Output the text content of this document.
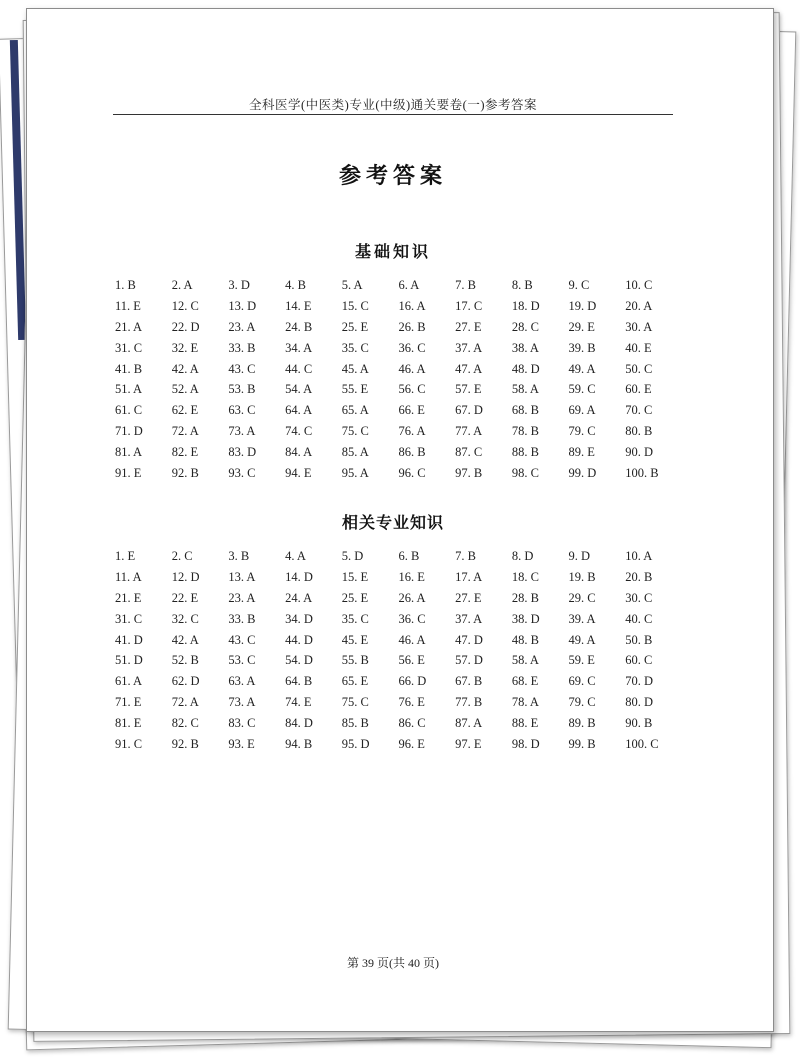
全科医学(中医类)专业(中级)通关要卷(一)参考答案
参考答案
基础知识
1. B	2. A	3. D	4. B	5. A	6. A	7. B	8. B	9. C	10. C
11. E	12. C	13. D	14. E	15. C	16. A	17. C	18. D	19. D	20. A
21. A	22. D	23. A	24. B	25. E	26. B	27. E	28. C	29. E	30. A
31. C	32. E	33. B	34. A	35. C	36. C	37. A	38. A	39. B	40. E
41. B	42. A	43. C	44. C	45. A	46. A	47. A	48. D	49. A	50. C
51. A	52. A	53. B	54. A	55. E	56. C	57. E	58. A	59. C	60. E
61. C	62. E	63. C	64. A	65. A	66. E	67. D	68. B	69. A	70. C
71. D	72. A	73. A	74. C	75. C	76. A	77. A	78. B	79. C	80. B
81. A	82. E	83. D	84. A	85. A	86. B	87. C	88. B	89. E	90. D
91. E	92. B	93. C	94. E	95. A	96. C	97. B	98. C	99. D	100. B
相关专业知识
1. E	2. C	3. B	4. A	5. D	6. B	7. B	8. D	9. D	10. A
11. A	12. D	13. A	14. D	15. E	16. E	17. A	18. C	19. B	20. B
21. E	22. E	23. A	24. A	25. E	26. A	27. E	28. B	29. C	30. C
31. C	32. C	33. B	34. D	35. C	36. C	37. A	38. D	39. A	40. C
41. D	42. A	43. C	44. D	45. E	46. A	47. D	48. B	49. A	50. B
51. D	52. B	53. C	54. D	55. B	56. E	57. D	58. A	59. E	60. C
61. A	62. D	63. A	64. B	65. E	66. D	67. B	68. E	69. C	70. D
71. E	72. A	73. A	74. E	75. C	76. E	77. B	78. A	79. C	80. D
81. E	82. C	83. C	84. D	85. B	86. C	87. A	88. E	89. B	90. B
91. C	92. B	93. E	94. B	95. D	96. E	97. E	98. D	99. B	100. C
第 39 页(共 40 页)
